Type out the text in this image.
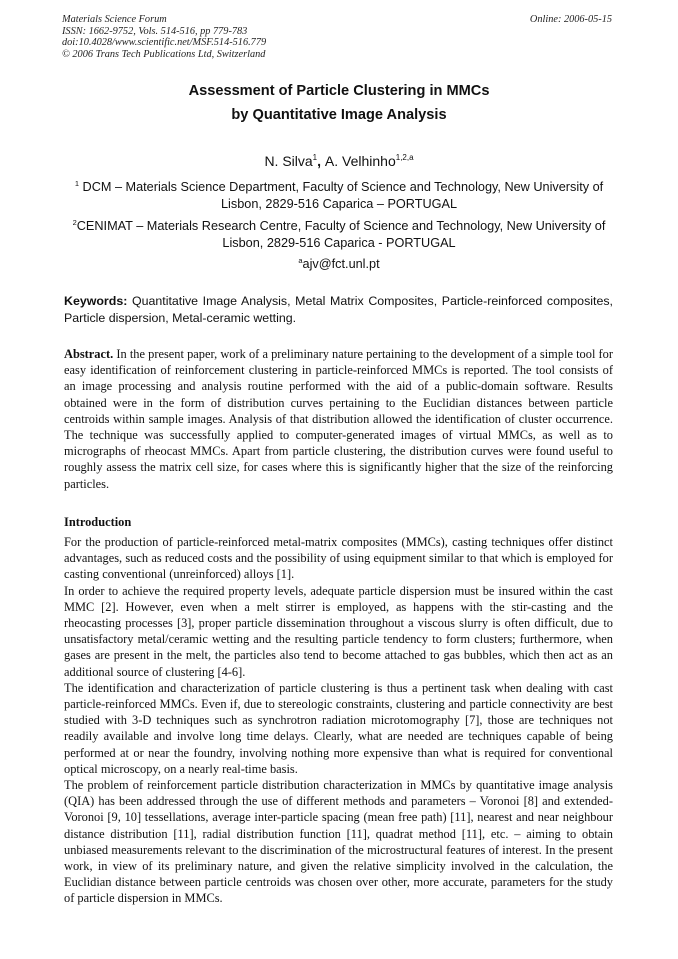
Materials Science Forum
ISSN: 1662-9752, Vols. 514-516, pp 779-783
doi:10.4028/www.scientific.net/MSF.514-516.779
© 2006 Trans Tech Publications Ltd, Switzerland
Online: 2006-05-15
Assessment of Particle Clustering in MMCs
by Quantitative Image Analysis
N. Silva$^1$, A. Velhinho$^{1,2,a}$
$^1$ DCM – Materials Science Department, Faculty of Science and Technology, New University of Lisbon, 2829-516 Caparica – PORTUGAL
$^2$CENIMAT – Materials Research Centre, Faculty of Science and Technology, New University of Lisbon, 2829-516 Caparica - PORTUGAL
$^a$ajv@fct.unl.pt
Keywords: Quantitative Image Analysis, Metal Matrix Composites, Particle-reinforced composites, Particle dispersion, Metal-ceramic wetting.
Abstract. In the present paper, work of a preliminary nature pertaining to the development of a simple tool for easy identification of reinforcement clustering in particle-reinforced MMCs is reported. The tool consists of an image processing and analysis routine performed with the aid of a public-domain software. Results obtained were in the form of distribution curves pertaining to the Euclidian distances between particle centroids within sample images. Analysis of that distribution allowed the identification of cluster occurrence. The technique was successfully applied to computer-generated images of virtual MMCs, as well as to micrographs of rheocast MMCs. Apart from particle clustering, the distribution curves were found useful to roughly assess the matrix cell size, for cases where this is significantly higher that the size of the reinforcing particles.
Introduction

For the production of particle-reinforced metal-matrix composites (MMCs), casting techniques offer distinct advantages, such as reduced costs and the possibility of using equipment similar to that which is employed for casting conventional (unreinforced) alloys [1].

In order to achieve the required property levels, adequate particle dispersion must be insured within the cast MMC [2]. However, even when a melt stirrer is employed, as happens with the stir-casting and the rheocasting processes [3], proper particle dissemination throughout a viscous slurry is often difficult, due to unsatisfactory metal/ceramic wetting and the resulting particle tendency to form clusters; furthermore, when gases are present in the melt, the particles also tend to become attached to gas bubbles, which then act as an additional source of clustering [4-6].

The identification and characterization of particle clustering is thus a pertinent task when dealing with cast particle-reinforced MMCs. Even if, due to stereologic constraints, clustering and particle connectivity are best studied with 3-D techniques such as synchrotron radiation microtomography [7], those are techniques not readily available and involve long time delays. Clearly, what are needed are techniques capable of being performed at or near the foundry, involving nothing more expensive than what is required for conventional optical microscopy, on a nearly real-time basis.

The problem of reinforcement particle distribution characterization in MMCs by quantitative image analysis (QIA) has been addressed through the use of different methods and parameters – Voronoi [8] and extended-Voronoi [9, 10] tessellations, average inter-particle spacing (mean free path) [11], nearest and near neighbour distance distribution [11], radial distribution function [11], quadrat method [11], etc. – aiming to obtain unbiased measurements relevant to the discrimination of the microstructural features of interest. In the present work, in view of its preliminary nature, and given the relative simplicity involved in the calculation, the Euclidian distance between particle centroids was chosen over other, more accurate, parameters for the study of particle dispersion in MMCs.
